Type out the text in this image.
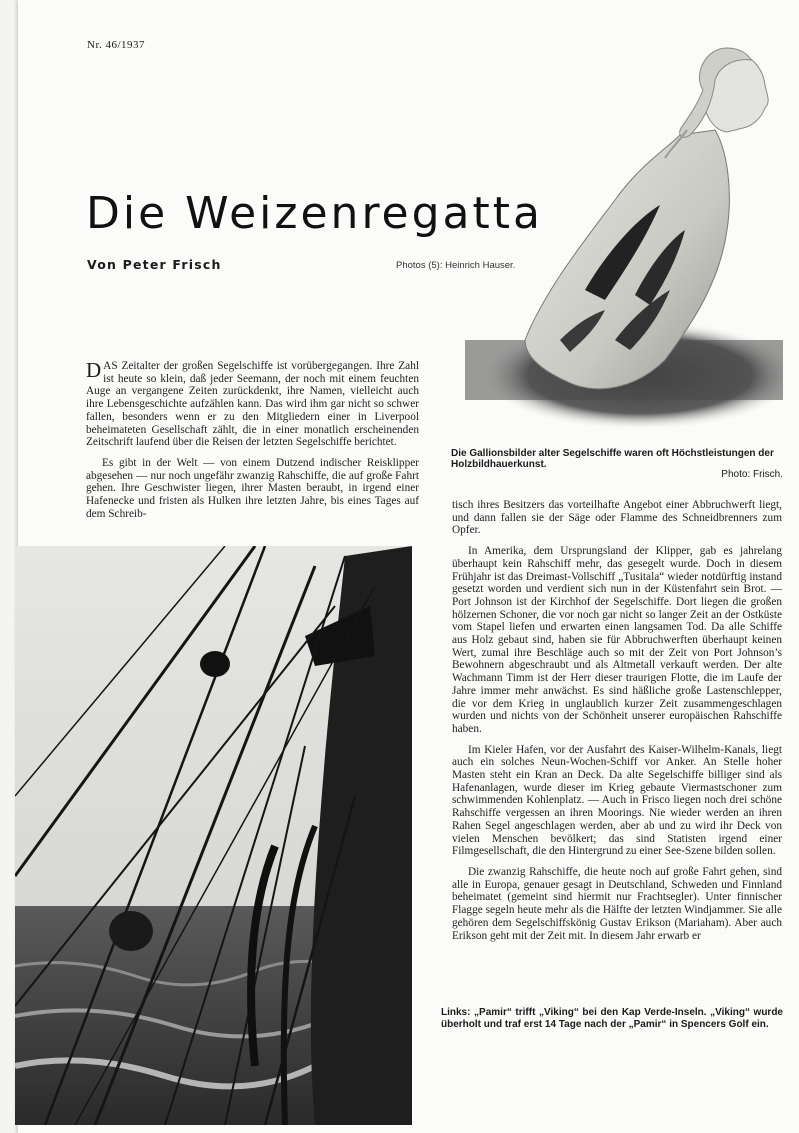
Nr. 46/1937
Die Weizenregatta
Von Peter Frisch	Photos (5): Heinrich Hauser.
Die Gallionsbilder alter Segelschiffe waren oft Höchstleistungen der Holzbildhauerkunst.
Photo: Frisch.

DAS Zeitalter der großen Segelschiffe ist vorübergegangen. Ihre Zahl ist heute so klein, daß jeder Seemann, der noch mit einem feuchten Auge an vergangene Zeiten zurückdenkt, ihre Namen, vielleicht auch ihre Lebensgeschichte aufzählen kann. Das wird ihm gar nicht so schwer fallen, besonders wenn er zu den Mitgliedern einer in Liverpool beheimateten Gesellschaft zählt, die in einer monatlich erscheinenden Zeitschrift laufend über die Reisen der letzten Segelschiffe berichtet.

Es gibt in der Welt — von einem Dutzend indischer Reisklipper abgesehen — nur noch ungefähr zwanzig Rahschiffe, die auf große Fahrt gehen. Ihre Geschwister liegen, ihrer Masten beraubt, in irgend einer Hafenecke und fristen als Hulken ihre letzten Jahre, bis eines Tages auf dem Schreib-

tisch ihres Besitzers das vorteilhafte Angebot einer Abbruchwerft liegt, und dann fallen sie der Säge oder Flamme des Schneidbrenners zum Opfer.

In Amerika, dem Ursprungsland der Klipper, gab es jahrelang überhaupt kein Rahschiff mehr, das gesegelt wurde. Doch in diesem Frühjahr ist das Dreimast-Vollschiff „Tusitala“ wieder notdürftig instand gesetzt worden und verdient sich nun in der Küstenfahrt sein Brot. — Port Johnson ist der Kirchhof der Segelschiffe. Dort liegen die großen hölzernen Schoner, die vor noch gar nicht so langer Zeit an der Ostküste vom Stapel liefen und erwarten einen langsamen Tod. Da alle Schiffe aus Holz gebaut sind, haben sie für Abbruchwerften überhaupt keinen Wert, zumal ihre Beschläge auch so mit der Zeit von Port Johnson’s Bewohnern abgeschraubt und als Altmetall verkauft werden. Der alte Wachmann Timm ist der Herr dieser traurigen Flotte, die im Laufe der Jahre immer mehr anwächst. Es sind häßliche große Lastenschlepper, die vor dem Krieg in unglaublich kurzer Zeit zusammengeschlagen wurden und nichts von der Schönheit unserer europäischen Rahschiffe haben.

Im Kieler Hafen, vor der Ausfahrt des Kaiser-Wilhelm-Kanals, liegt auch ein solches Neun-Wochen-Schiff vor Anker. An Stelle hoher Masten steht ein Kran an Deck. Da alte Segelschiffe billiger sind als Hafenanlagen, wurde dieser im Krieg gebaute Viermastschoner zum schwimmenden Kohlenplatz. — Auch in Frisco liegen noch drei schöne Rahschiffe vergessen an ihren Moorings. Nie wieder werden an ihren Rahen Segel angeschlagen werden, aber ab und zu wird ihr Deck von vielen Menschen bevölkert; das sind Statisten irgend einer Filmgesellschaft, die den Hintergrund zu einer See-Szene bilden sollen.

Die zwanzig Rahschiffe, die heute noch auf große Fahrt gehen, sind alle in Europa, genauer gesagt in Deutschland, Schweden und Finnland beheimatet (gemeint sind hiermit nur Frachtsegler). Unter finnischer Flagge segeln heute mehr als die Hälfte der letzten Windjammer. Sie alle gehören dem Segelschiffskönig Gustav Erikson (Mariaham). Aber auch Erikson geht mit der Zeit mit. In diesem Jahr erwarb er

Links: „Pamir“ trifft „Viking“ bei den Kap Verde-Inseln. „Viking“ wurde überholt und traf erst 14 Tage nach der „Pamir“ in Spencers Golf ein.
